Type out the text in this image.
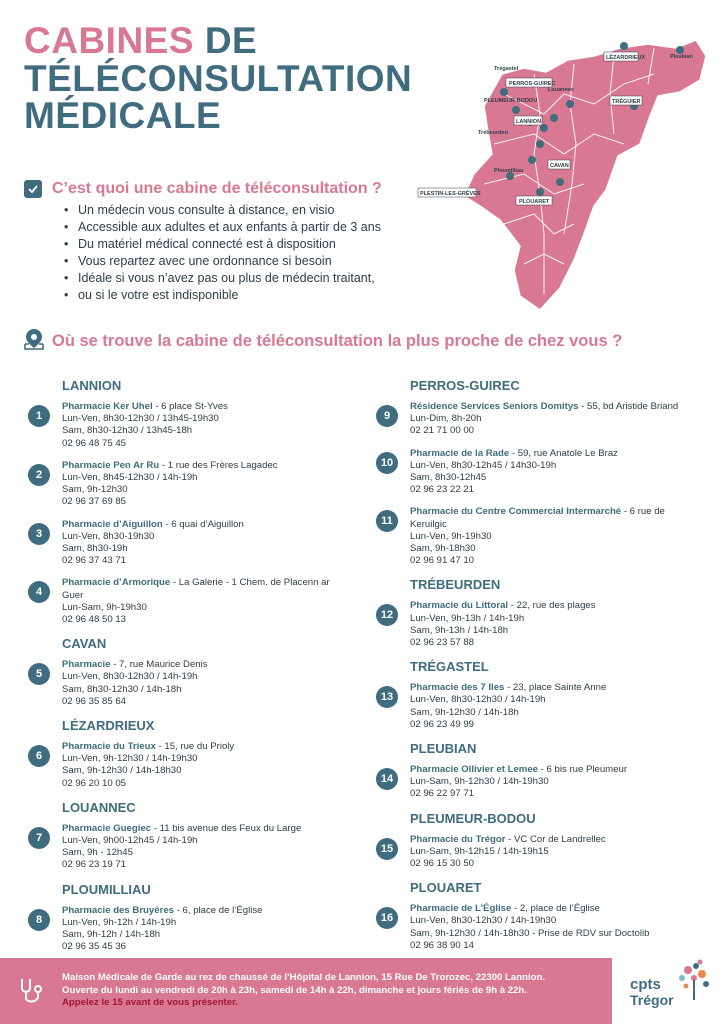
CABINES DE
TÉLÉCONSULTATION
MÉDICALE
Trégastel
PERROS-GUIREC
PLEUMEUR-BODOU
Louannec
LÉZARDRIEUX	Pleubian
TRÉGUIER
LANNION
CAVAN
Ploumilliau
PLOUARET
PLESTIN-LES-GRÈVES
Trébeurden
C’est quoi une cabine de téléconsultation ?
• Un médecin vous consulte à distance, en visio
• Accessible aux adultes et aux enfants à partir de 3 ans
• Du matériel médical connecté est à disposition
• Vous repartez avec une ordonnance si besoin
• Idéale si vous n’avez pas ou plus de médecin traitant,
• ou si le votre est indisponible
Où se trouve la cabine de téléconsultation la plus proche de chez vous ?
LANNION
1
Pharmacie Ker Uhel - 6 place St-Yves
Lun-Ven, 8h30-12h30 / 13h45-19h30
Sam, 8h30-12h30 / 13h45-18h
02 96 48 75 45
2
Pharmacie Pen Ar Ru - 1 rue des Frères Lagadec
Lun-Ven, 8h45-12h30 / 14h-19h
Sam, 9h-12h30
02 96 37 69 85
3
Pharmacie d’Aiguillon - 6 quai d’Aiguillon
Lun-Ven, 8h30-19h30
Sam, 8h30-19h
02 96 37 43 71
4
Pharmacie d’Armorique - La Galerie - 1 Chem. de Placenn ar Guer
Lun-Sam, 9h-19h30
02 96 48 50 13
CAVAN
5
Pharmacie - 7, rue Maurice Denis
Lun-Ven, 8h30-12h30 / 14h-19h
Sam, 8h30-12h30 / 14h-18h
02 96 35 85 64
LÉZARDRIEUX
6
Pharmacie du Trieux - 15, rue du Prioly
Lun-Ven, 9h-12h30 / 14h-19h30
Sam, 9h-12h30 / 14h-18h30
02 96 20 10 05
LOUANNEC
7
Pharmacie Guegiec - 11 bis avenue des Feux du Large
Lun-Ven, 9h00-12h45 / 14h-19h
Sam, 9h - 12h45
02 96 23 19 71
PLOUMILLIAU
8
Pharmacie des Bruyères - 6, place de l’Église
Lun-Ven, 9h-12h / 14h-19h
Sam, 9h-12h / 14h-18h
02 96 35 45 36
PERROS-GUIREC
9
Résidence Services Seniors Domitys - 55, bd Aristide Briand
Lun-Dim, 8h-20h
02 21 71 00 00
10
Pharmacie de la Rade - 59, rue Anatole Le Braz
Lun-Ven, 8h30-12h45 / 14h30-19h
Sam, 8h30-12h45
02 96 23 22 21
11
Pharmacie du Centre Commercial Intermarché - 6 rue de Keruilgic
Lun-Ven, 9h-19h30
Sam, 9h-18h30
02 96 91 47 10
TRÉBEURDEN
12
Pharmacie du Littoral - 22, rue des plages
Lun-Ven, 9h-13h / 14h-19h
Sam, 9h-13h / 14h-18h
02 96 23 57 88
TRÉGASTEL
13
Pharmacie des 7 Iles - 23, place Sainte Anne
Lun-Ven, 8h30-12h30 / 14h-19h
Sam, 9h-12h30 / 14h-18h
02 96 23 49 99
PLEUBIAN
14
Pharmacie Ollivier et Lemee - 6 bis rue Pleumeur
Lun-Sam, 9h-12h30 / 14h-19h30
02 96 22 97 71
PLEUMEUR-BODOU
15
Pharmacie du Trégor - VC Cor de Landrellec
Lun-Sam, 9h-12h15 / 14h-19h15
02 96 15 30 50
PLOUARET
16
Pharmacie de L’Église - 2, place de l’Église
Lun-Ven, 8h30-12h30 / 14h-19h30
Sam, 9h-12h30 / 14h-18h30 - Prise de RDV sur Doctolib
02 96 38 90 14
Maison Médicale de Garde au rez de chaussé de l’Hôpital de Lannion, 15 Rue De Trorozec, 22300 Lannion.
Ouverte du lundi au vendredi de 20h à 23h, samedi de 14h à 22h, dimanche et jours fériés de 9h à 22h.
Appelez le 15 avant de vous présenter.
cpts
Trégor
